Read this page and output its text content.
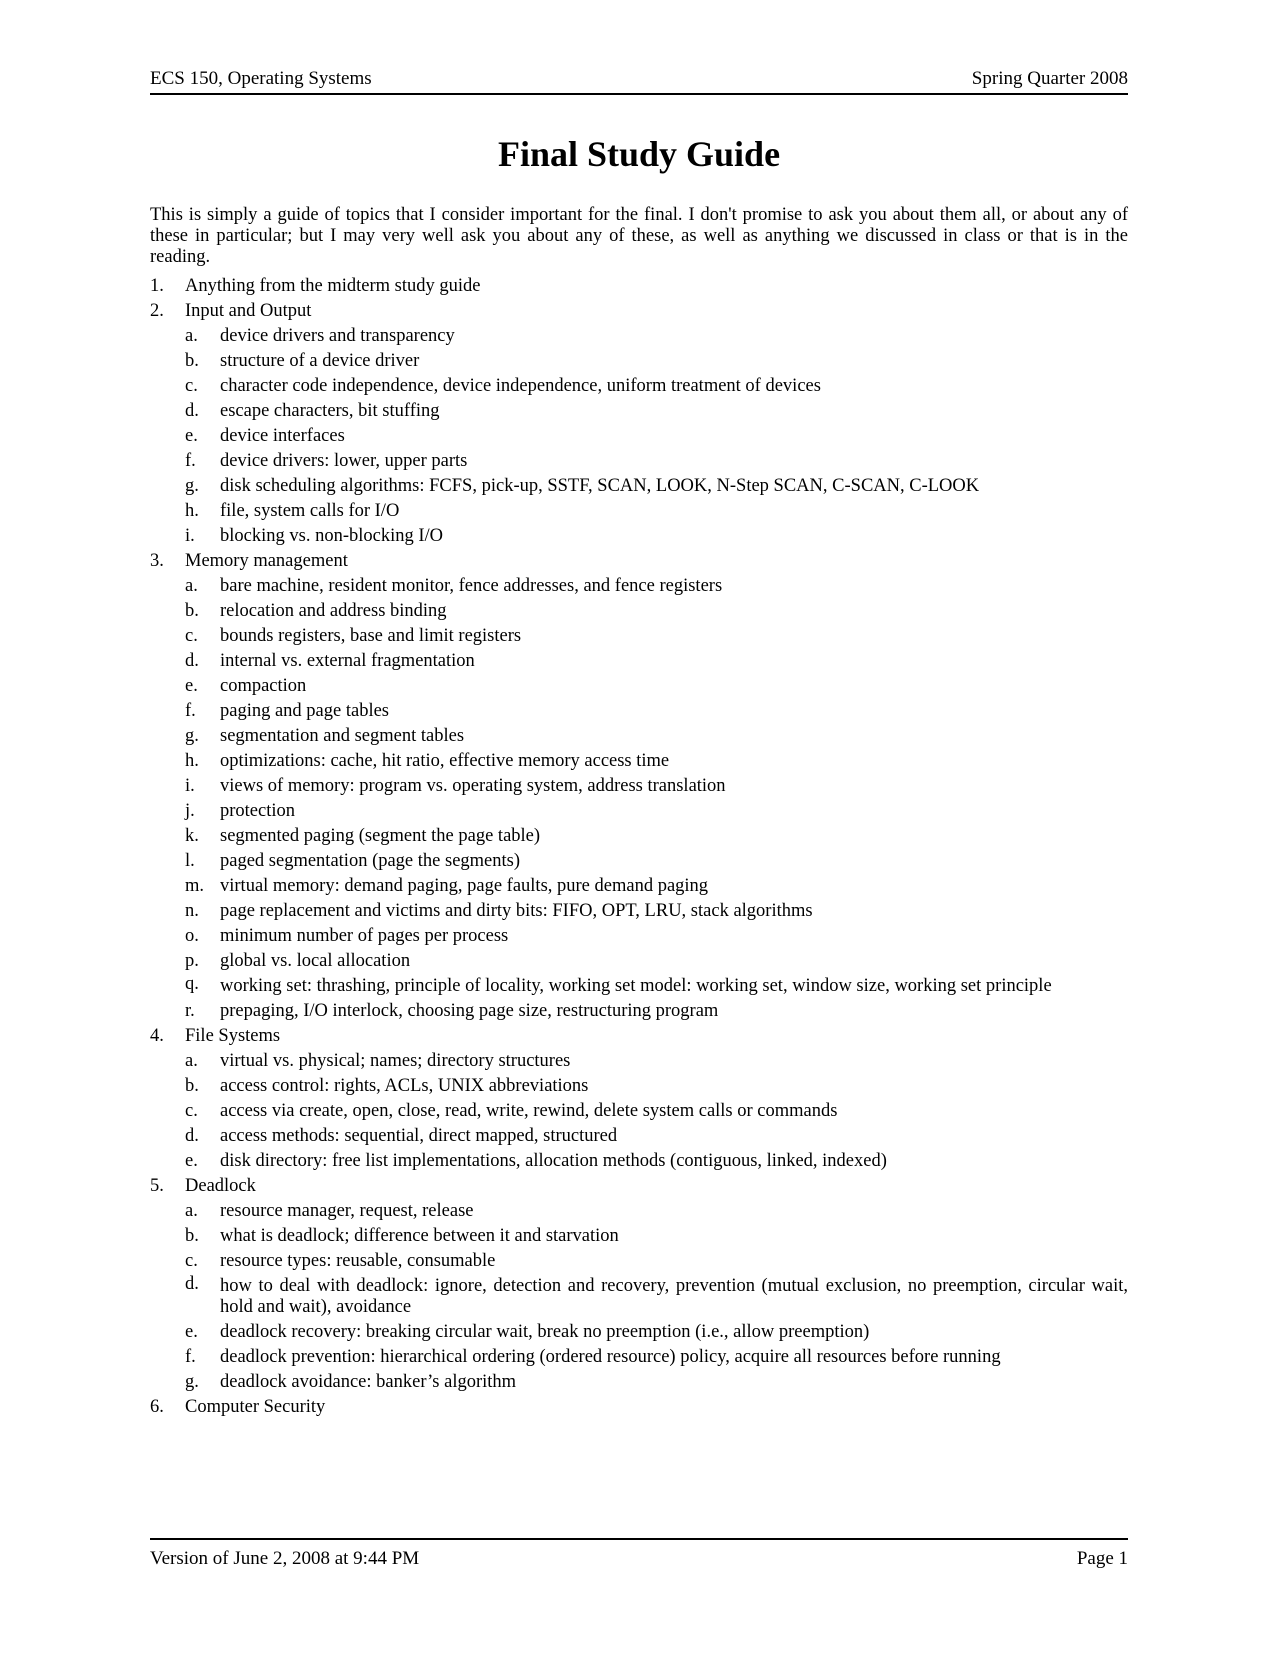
ECS 150, Operating Systems	Spring Quarter 2008
Final Study Guide

This is simply a guide of topics that I consider important for the final. I don't promise to ask you about them all, or about any of these in particular; but I may very well ask you about any of these, as well as anything we discussed in class or that is in the reading.

1. Anything from the midterm study guide
2. Input and Output
a. device drivers and transparency
b. structure of a device driver
c. character code independence, device independence, uniform treatment of devices
d. escape characters, bit stuffing
e. device interfaces
f. device drivers: lower, upper parts
g. disk scheduling algorithms: FCFS, pick-up, SSTF, SCAN, LOOK, N-Step SCAN, C-SCAN, C-LOOK
h. file, system calls for I/O
i. blocking vs. non-blocking I/O
3. Memory management
a. bare machine, resident monitor, fence addresses, and fence registers
b. relocation and address binding
c. bounds registers, base and limit registers
d. internal vs. external fragmentation
e. compaction
f. paging and page tables
g. segmentation and segment tables
h. optimizations: cache, hit ratio, effective memory access time
i. views of memory: program vs. operating system, address translation
j. protection
k. segmented paging (segment the page table)
l. paged segmentation (page the segments)
m. virtual memory: demand paging, page faults, pure demand paging
n. page replacement and victims and dirty bits: FIFO, OPT, LRU, stack algorithms
o. minimum number of pages per process
p. global vs. local allocation
q. working set: thrashing, principle of locality, working set model: working set, window size, working set principle
r. prepaging, I/O interlock, choosing page size, restructuring program
4. File Systems
a. virtual vs. physical; names; directory structures
b. access control: rights, ACLs, UNIX abbreviations
c. access via create, open, close, read, write, rewind, delete system calls or commands
d. access methods: sequential, direct mapped, structured
e. disk directory: free list implementations, allocation methods (contiguous, linked, indexed)
5. Deadlock
a. resource manager, request, release
b. what is deadlock; difference between it and starvation
c. resource types: reusable, consumable
d. how to deal with deadlock: ignore, detection and recovery, prevention (mutual exclusion, no preemption, circular wait, hold and wait), avoidance
e. deadlock recovery: breaking circular wait, break no preemption (i.e., allow preemption)
f. deadlock prevention: hierarchical ordering (ordered resource) policy, acquire all resources before running
g. deadlock avoidance: banker’s algorithm
6. Computer Security
Version of June 2, 2008 at 9:44 PM	Page 1
